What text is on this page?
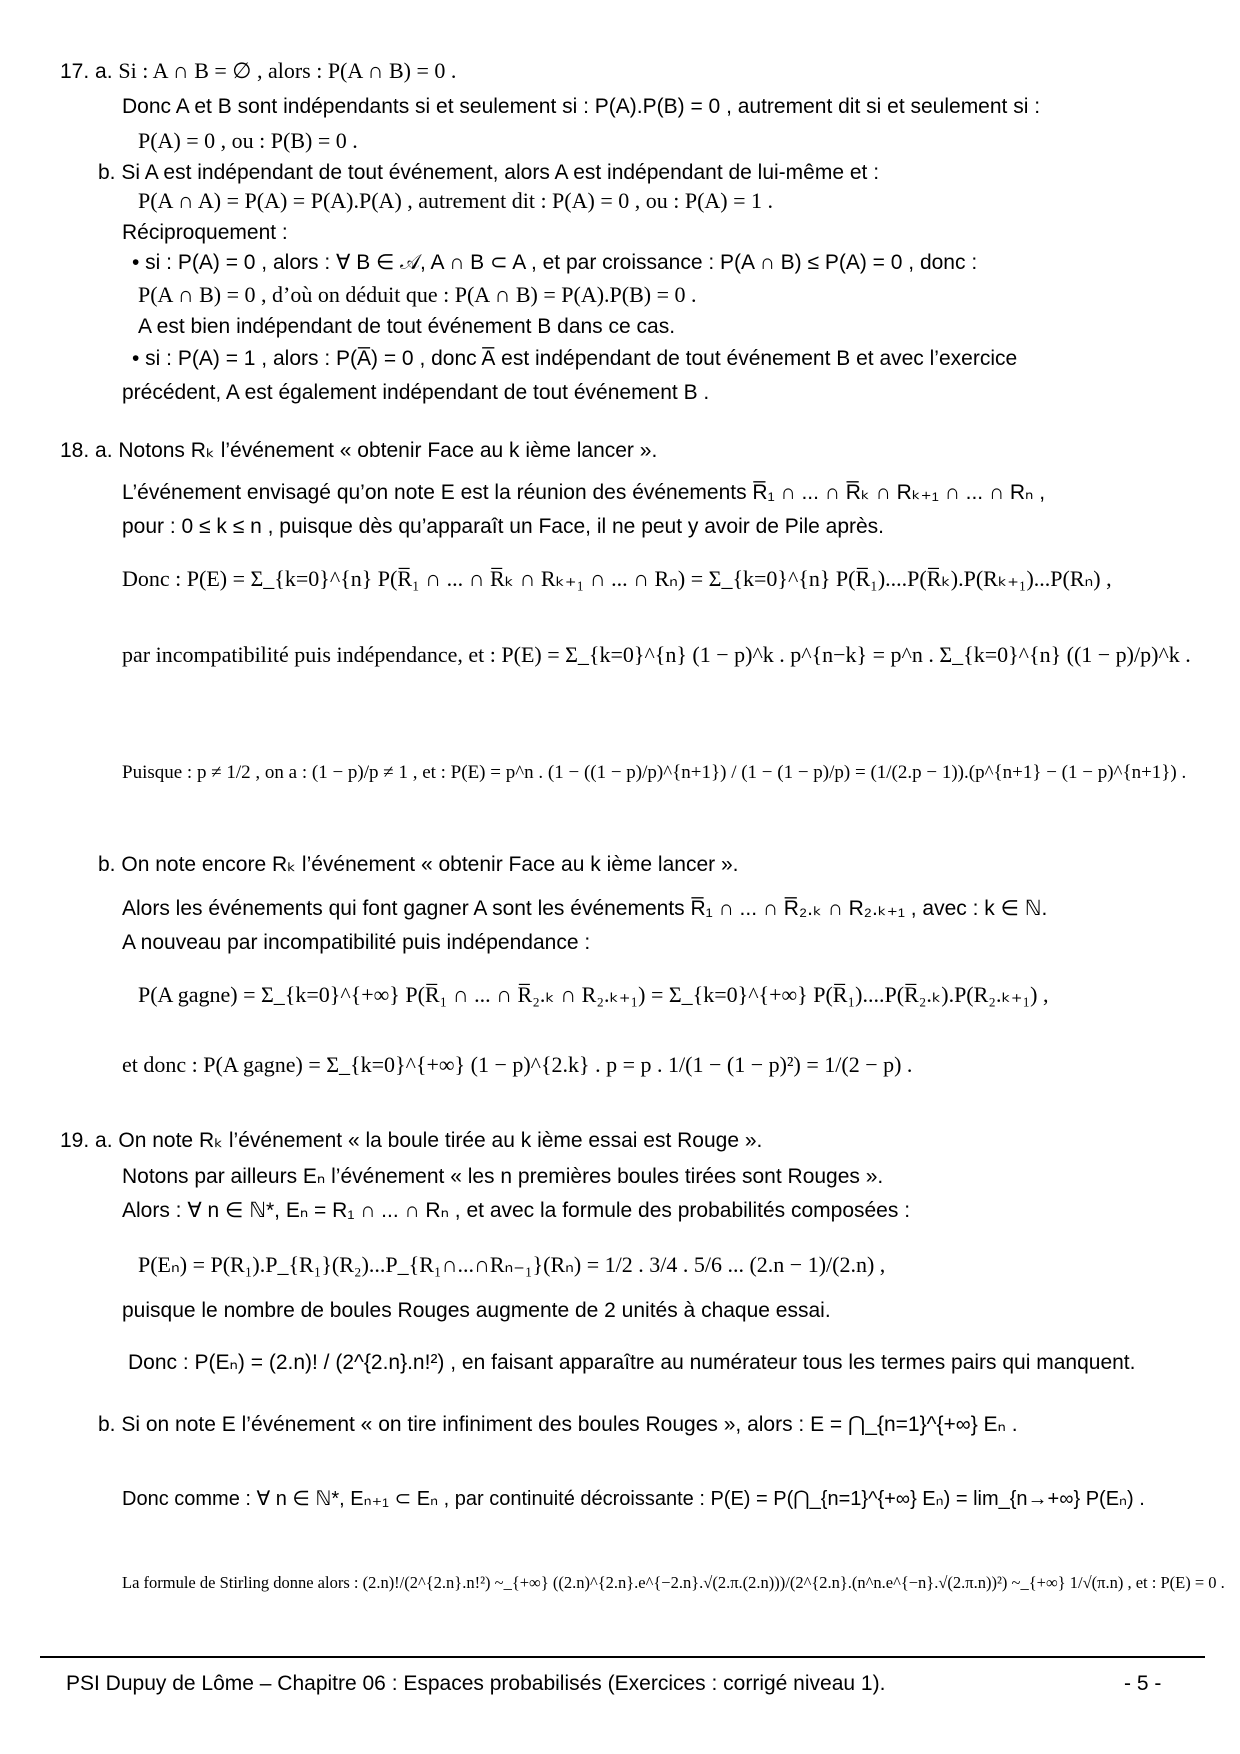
17. a. Si : A ∩ B = ∅ , alors : P(A ∩ B) = 0 .
Donc A et B sont indépendants si et seulement si : P(A).P(B) = 0 , autrement dit si et seulement si :
P(A) = 0 , ou : P(B) = 0 .
b. Si A est indépendant de tout événement, alors A est indépendant de lui-même et :
P(A ∩ A) = P(A) = P(A).P(A) , autrement dit : P(A) = 0 , ou : P(A) = 1 .
Réciproquement :
• si : P(A) = 0 , alors : ∀ B ∈ 𝒜, A ∩ B ⊂ A , et par croissance : P(A ∩ B) ≤ P(A) = 0 , donc :
P(A ∩ B) = 0 , d’où on déduit que : P(A ∩ B) = P(A).P(B) = 0 .
A est bien indépendant de tout événement B dans ce cas.
• si : P(A) = 1 , alors : P(A̅) = 0 , donc A̅ est indépendant de tout événement B et avec l’exercice
précédent, A est également indépendant de tout événement B .
18. a. Notons Rₖ l’événement « obtenir Face au k ième lancer ».
L’événement envisagé qu’on note E est la réunion des événements R̅₁ ∩ ... ∩ R̅ₖ ∩ Rₖ₊₁ ∩ ... ∩ Rₙ ,
pour : 0 ≤ k ≤ n , puisque dès qu’apparaît un Face, il ne peut y avoir de Pile après.
Donc : P(E) = Σ_{k=0}^{n} P(R̅₁ ∩ ... ∩ R̅ₖ ∩ Rₖ₊₁ ∩ ... ∩ Rₙ) = Σ_{k=0}^{n} P(R̅₁)....P(R̅ₖ).P(Rₖ₊₁)...P(Rₙ) ,
par incompatibilité puis indépendance, et : P(E) = Σ_{k=0}^{n} (1 − p)^k . p^{n−k} = p^n . Σ_{k=0}^{n} ((1 − p)/p)^k .
Puisque : p ≠ 1/2 , on a : (1 − p)/p ≠ 1 , et : P(E) = p^n . (1 − ((1 − p)/p)^{n+1}) / (1 − (1 − p)/p) = (1/(2.p − 1)).(p^{n+1} − (1 − p)^{n+1}) .
b. On note encore Rₖ l’événement « obtenir Face au k ième lancer ».
Alors les événements qui font gagner A sont les événements R̅₁ ∩ ... ∩ R̅₂.ₖ ∩ R₂.ₖ₊₁ , avec : k ∈ ℕ.
A nouveau par incompatibilité puis indépendance :
P(A gagne) = Σ_{k=0}^{+∞} P(R̅₁ ∩ ... ∩ R̅₂.ₖ ∩ R₂.ₖ₊₁) = Σ_{k=0}^{+∞} P(R̅₁)....P(R̅₂.ₖ).P(R₂.ₖ₊₁) ,
et donc : P(A gagne) = Σ_{k=0}^{+∞} (1 − p)^{2.k} . p = p . 1/(1 − (1 − p)²) = 1/(2 − p) .
19. a. On note Rₖ l’événement « la boule tirée au k ième essai est Rouge ».
Notons par ailleurs Eₙ l’événement « les n premières boules tirées sont Rouges ».
Alors : ∀ n ∈ ℕ*, Eₙ = R₁ ∩ ... ∩ Rₙ , et avec la formule des probabilités composées :
P(Eₙ) = P(R₁).P_{R₁}(R₂)...P_{R₁∩...∩Rₙ₋₁}(Rₙ) = 1/2 . 3/4 . 5/6 ... (2.n − 1)/(2.n) ,
puisque le nombre de boules Rouges augmente de 2 unités à chaque essai.
Donc : P(Eₙ) = (2.n)! / (2^{2.n}.n!²) , en faisant apparaître au numérateur tous les termes pairs qui manquent.
b. Si on note E l’événement « on tire infiniment des boules Rouges », alors : E = ⋂_{n=1}^{+∞} Eₙ .
Donc comme : ∀ n ∈ ℕ*, Eₙ₊₁ ⊂ Eₙ , par continuité décroissante : P(E) = P(⋂_{n=1}^{+∞} Eₙ) = lim_{n→+∞} P(Eₙ) .
La formule de Stirling donne alors : (2.n)!/(2^{2.n}.n!²) ~_{+∞} ((2.n)^{2.n}.e^{−2.n}.√(2.π.(2.n)))/(2^{2.n}.(n^n.e^{−n}.√(2.π.n))²) ~_{+∞} 1/√(π.n) , et : P(E) = 0 .
PSI Dupuy de Lôme – Chapitre 06 : Espaces probabilisés (Exercices : corrigé niveau 1).	- 5 -
